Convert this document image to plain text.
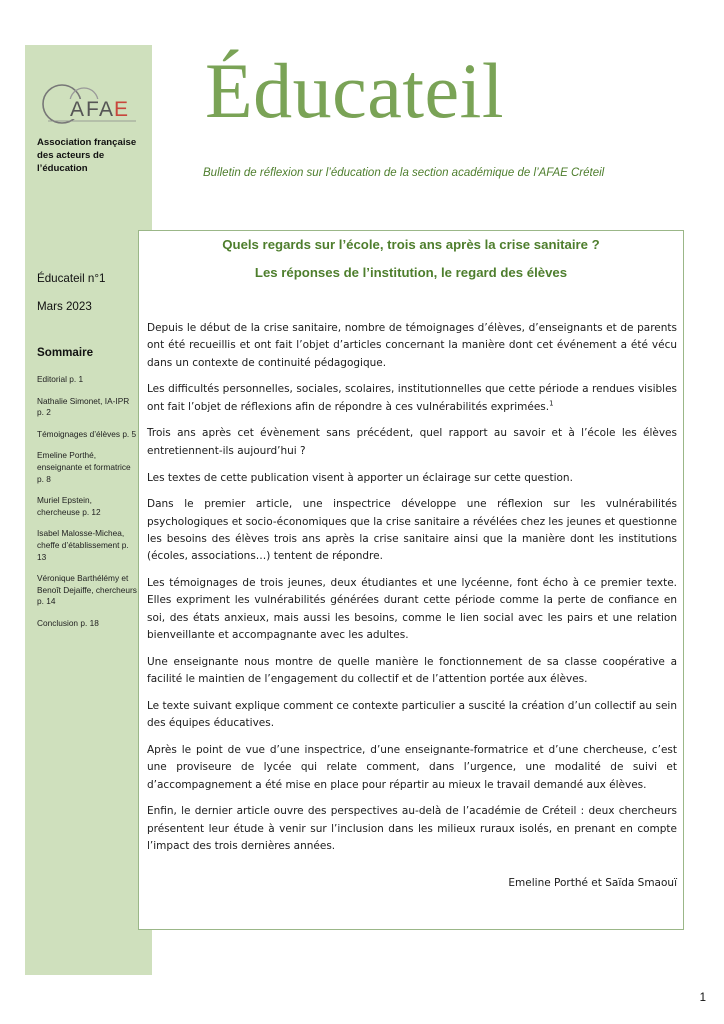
A F A E
Association française des acteurs de l’éducation
Éducateil
Bulletin de réflexion sur l’éducation de la section académique de l’AFAE Créteil
Éducateil n°1
Mars 2023
Sommaire
Editorial p. 1
Nathalie Simonet, IA-IPR p. 2
Témoignages d’élèves p. 5
Emeline Porthé, enseignante et formatrice p. 8
Muriel Epstein, chercheuse p. 12
Isabel Malosse-Michea, cheffe d’établissement p. 13
Véronique Barthélémy et Benoît Dejaiffe, chercheurs p. 14
Conclusion p. 18
Quels regards sur l’école, trois ans après la crise sanitaire ?
Les réponses de l’institution, le regard des élèves

Depuis le début de la crise sanitaire, nombre de témoignages d’élèves, d’enseignants et de parents ont été recueillis et ont fait l’objet d’articles concernant la manière dont cet événement a été vécu dans un contexte de continuité pédagogique.

Les difficultés personnelles, sociales, scolaires, institutionnelles que cette période a rendues visibles ont fait l’objet de réflexions afin de répondre à ces vulnérabilités exprimées.$^1$

Trois ans après cet évènement sans précédent, quel rapport au savoir et à l’école les élèves entretiennent-ils aujourd’hui ?

Les textes de cette publication visent à apporter un éclairage sur cette question.

Dans le premier article, une inspectrice développe une réflexion sur les vulnérabilités psychologiques et socio-économiques que la crise sanitaire a révélées chez les jeunes et questionne les besoins des élèves trois ans après la crise sanitaire ainsi que la manière dont les institutions (écoles, associations…) tentent de répondre.

Les témoignages de trois jeunes, deux étudiantes et une lycéenne, font écho à ce premier texte. Elles expriment les vulnérabilités générées durant cette période comme la perte de confiance en soi, des états anxieux, mais aussi les besoins, comme le lien social avec les pairs et une relation bienveillante et accompagnante avec les adultes.

Une enseignante nous montre de quelle manière le fonctionnement de sa classe coopérative a facilité le maintien de l’engagement du collectif et de l’attention portée aux élèves.

Le texte suivant explique comment ce contexte particulier a suscité la création d’un collectif au sein des équipes éducatives.

Après le point de vue d’une inspectrice, d’une enseignante-formatrice et d’une chercheuse, c’est une proviseure de lycée qui relate comment, dans l’urgence, une modalité de suivi et d’accompagnement a été mise en place pour répartir au mieux le travail demandé aux élèves.

Enfin, le dernier article ouvre des perspectives au-delà de l’académie de Créteil : deux chercheurs présentent leur étude à venir sur l’inclusion dans les milieux ruraux isolés, en prenant en compte l’impact des trois dernières années.

Emeline Porthé et Saïda Smaouï
1
